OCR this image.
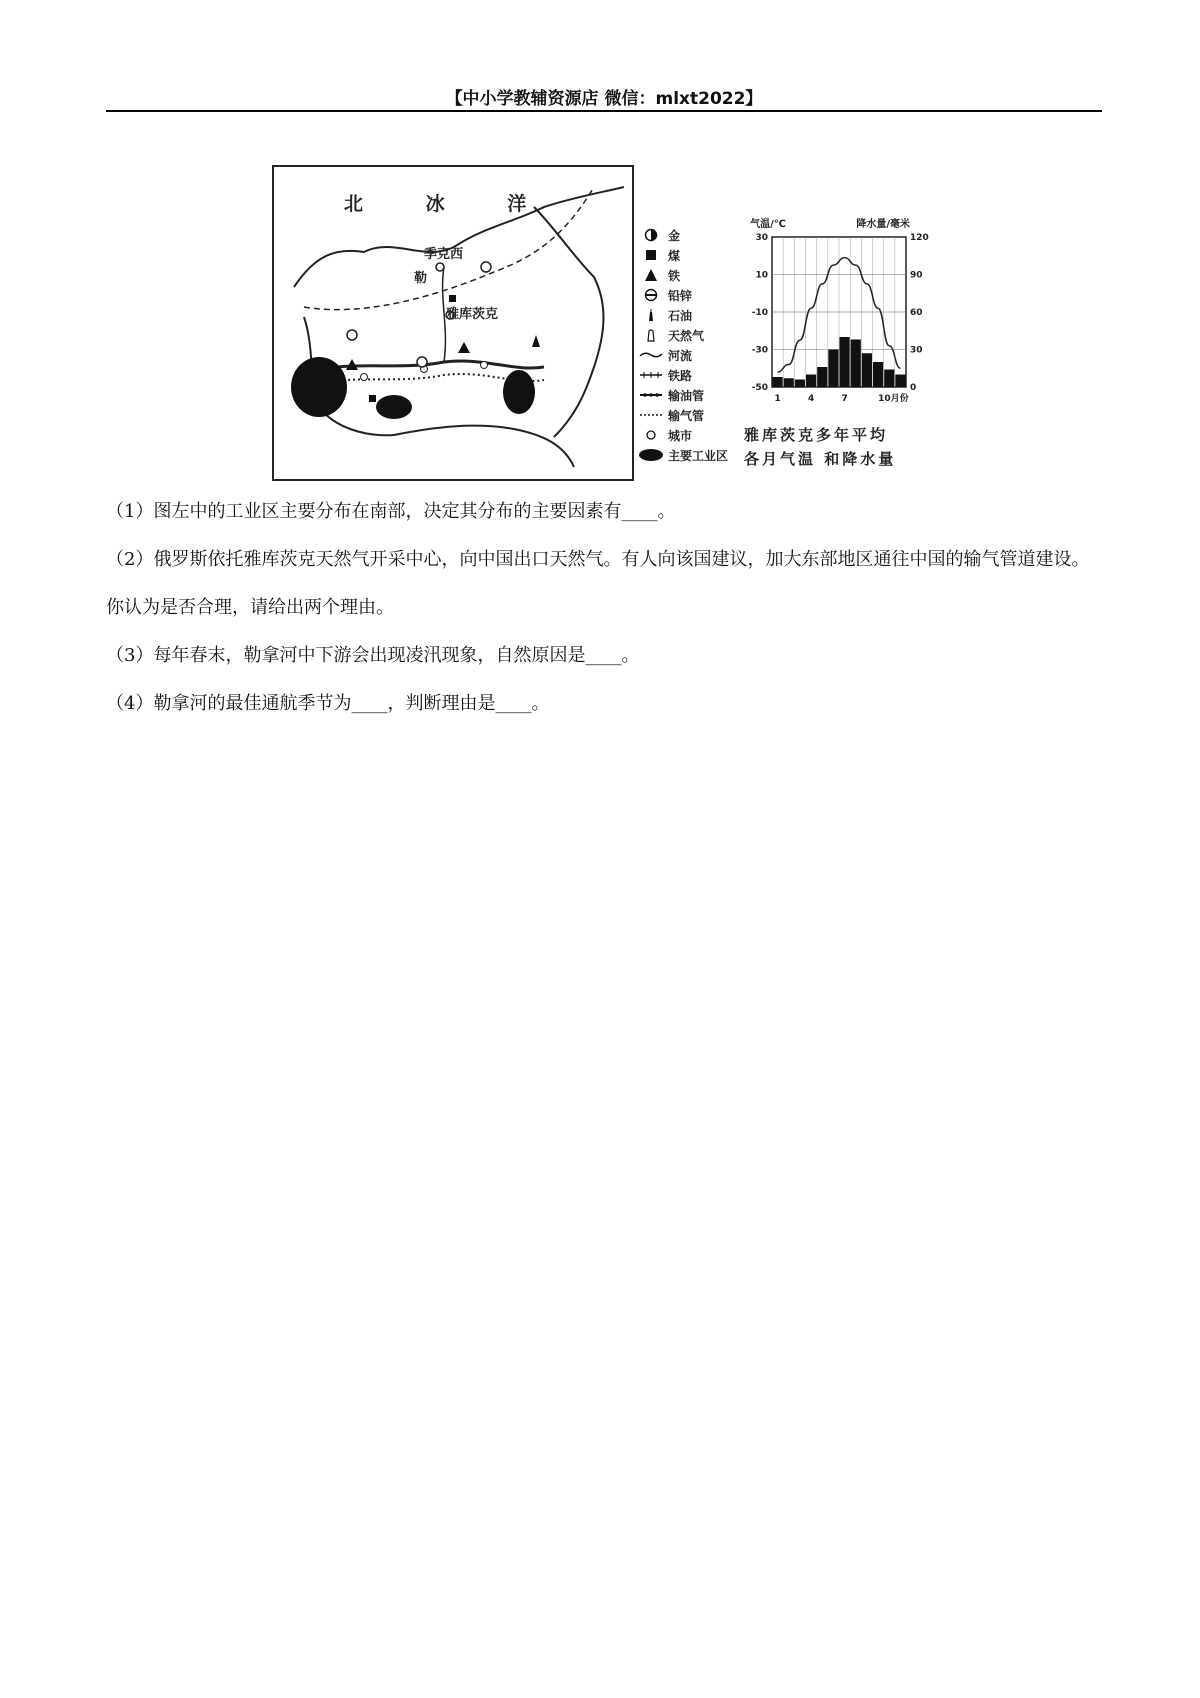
【中小学教辅资源店 微信：mlxt2022】
北 冰 洋
季克西
勒
雅库茨克
金
煤
铁
铅锌
石油
天然气
河流
铁路
输油管
输气管
城市
主要工业区
气温/℃	降水量/毫米
30	120
10	90
-10	60
-30	30
-50	0
1	4	7	10月份
雅库茨克多年平均
各月气温 和降水量
（1）图左中的工业区主要分布在南部，决定其分布的主要因素有____。
（2）俄罗斯依托雅库茨克天然气开采中心，向中国出口天然气。有人向该国建议，加大东部地区通往中国的输气管道建设。你认为是否合理，请给出两个理由。
（3）每年春末，勒拿河中下游会出现凌汛现象，自然原因是____。
（4）勒拿河的最佳通航季节为____，判断理由是____。
